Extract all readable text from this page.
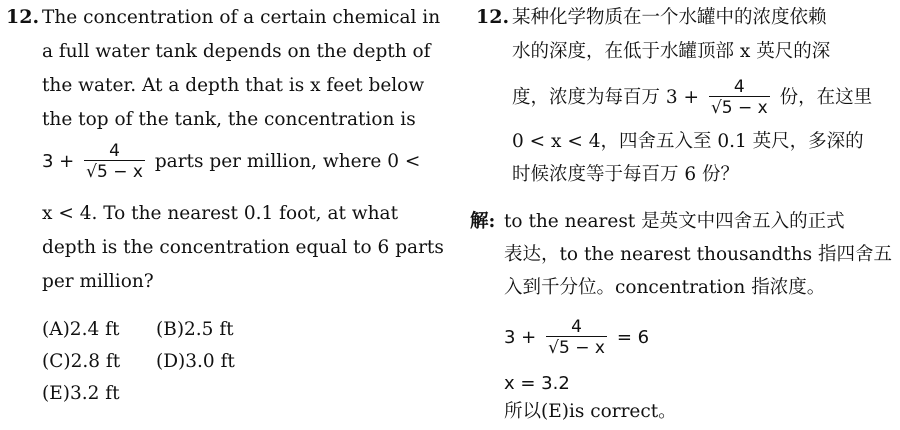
12. The concentration of a certain chemical in
a full water tank depends on the depth of
the water. At a depth that is x feet below
the top of the tank, the concentration is
$3 + \frac{4}{√5 - x}$ parts per million, where 0 <
x < 4. To the nearest 0.1 foot, at what
depth is the concentration equal to 6 parts
per million?
(A)2.4 ft (B)2.5 ft
(C)2.8 ft (D)3.0 ft
(E)3.2 ft
12. 某种化学物质在一个水罐中的浓度依赖
水的深度，在低于水罐顶部 x 英尺的深
度，浓度为每百万 $3 + \frac{4}{√5 - x}$ 份，在这里
0 < x < 4，四舍五入至 0.1 英尺，多深的
时候浓度等于每百万 6 份？
解: to the nearest 是英文中四舍五入的正式
表达，to the nearest thousandths 指四舍五
入到千分位。concentration 指浓度。
$3 + \frac{4}{√5 - x} = 6$
x = 3.2
所以(E)is correct。
